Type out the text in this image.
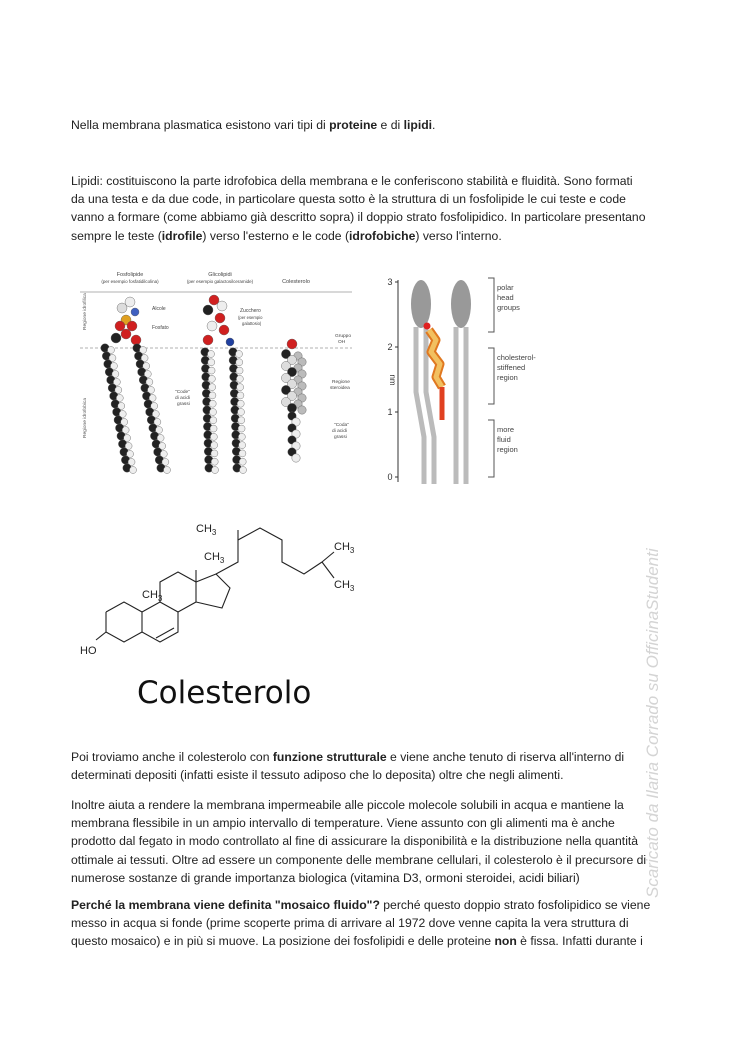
Nella membrana plasmatica esistono vari tipi di proteine e di lipidi.
Lipidi: costituiscono la parte idrofobica della membrana e le conferiscono stabilità e fluidità. Sono formati
da una testa e da due code, in particolare questa sotto è la struttura di un fosfolipide le cui teste e code
vanno a formare (come abbiamo già descritto sopra) il doppio strato fosfolipidico. In particolare presentano
sempre le teste (idrofile) verso l'esterno e le code (idrofobiche) verso l'interno.
Fosfolipide
(per esempio fosfatidilcolina)
Glicolipidi
(per esempio galactosilceramide)	Colesterolo
Regione idrofilica
Regione idrofobica
Alcole
Fosfato
Zucchero
(per esempio
galattosio)
Gruppo
OH
"Code"
di acidi
grassi
Regione
steroidea
"Coda"
di acidi
grassi
3
2
1
0
nm
polar
head
groups
cholesterol-
stiffened
region
more
fluid
region
$CH_3$
$CH_3$
$CH_3$
$CH_3$
$CH_3$
HO
Colesterolo
Poi troviamo anche il colesterolo con funzione strutturale e viene anche tenuto di riserva all'interno di
determinati depositi (infatti esiste il tessuto adiposo che lo deposita) oltre che negli alimenti.
Inoltre aiuta a rendere la membrana impermeabile alle piccole molecole solubili in acqua e mantiene la
membrana flessibile in un ampio intervallo di temperature. Viene assunto con gli alimenti ma è anche
prodotto dal fegato in modo controllato al fine di assicurare la disponibilità e la distribuzione nella quantità
ottimale ai tessuti. Oltre ad essere un componente delle membrane cellulari, il colesterolo è il precursore di
numerose sostanze di grande importanza biologica (vitamina D3, ormoni steroidei, acidi biliari)
Perché la membrana viene definita "mosaico fluido"? perché questo doppio strato fosfolipidico se viene
messo in acqua si fonde (prime scoperte prima di arrivare al 1972 dove venne capita la vera struttura di
questo mosaico) e in più si muove. La posizione dei fosfolipidi e delle proteine non è fissa. Infatti durante i
Scaricato da Ilaria Corrado su OfficinaStudenti
